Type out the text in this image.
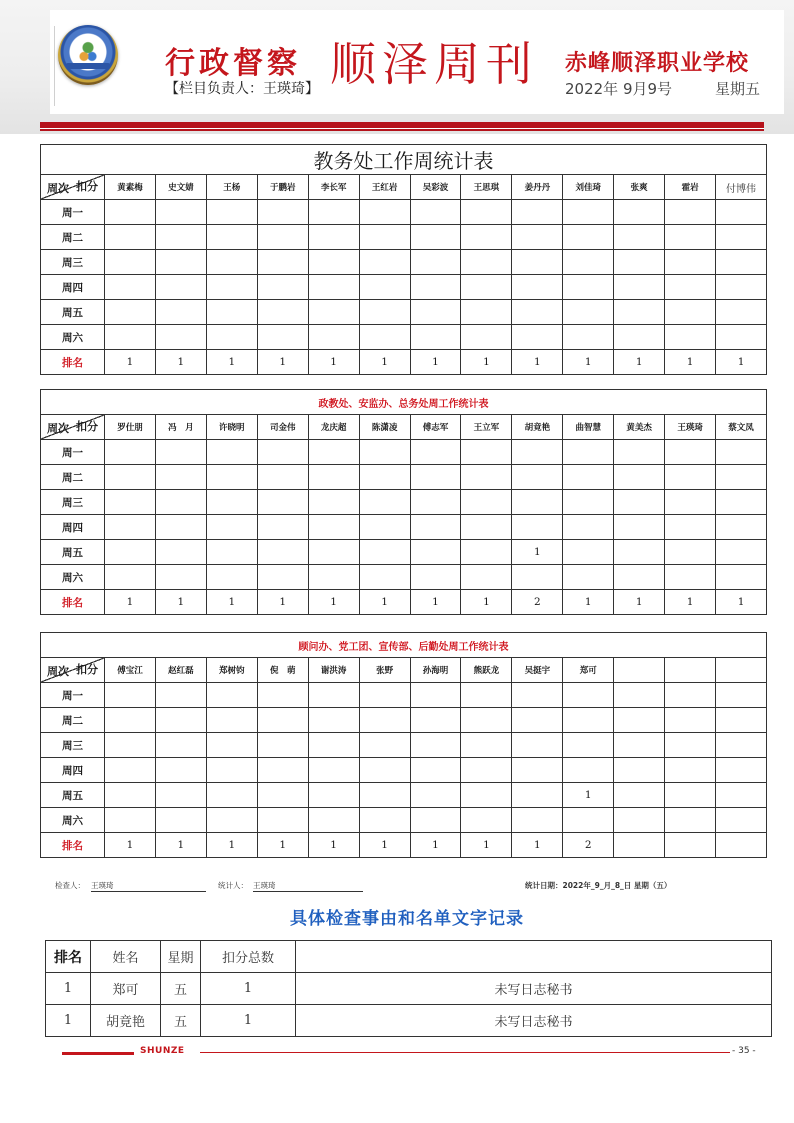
行政督察
【栏目负责人：王瑛琦】 顺泽周刊 赤峰顺泽职业学校
2022年 9月9号	星期五
教务处工作周统计表													

扣分
周次	黄素梅	史文婧	王杨	于鹏岩	李长军	王红岩	吴彩波	王思琪	姜丹丹	刘佳琦	张爽	霍岩	付博伟
周一													
周二													
周三													
周四													
周五													
周六													
排名	1	1	1	1	1	1	1	1	1	1	1	1	1
政教处、安监办、总务处周工作统计表													

扣分
周次	罗仕朋	冯　月	许晓明	司金伟	龙庆超	陈潇凌	傅志军	王立军	胡竟艳	曲智慧	黄美杰	王瑛琦	蔡文凤
周一													
周二													
周三													
周四													
周五									1				
周六													
排名	1	1	1	1	1	1	1	1	2	1	1	1	1
顾问办、党工团、宣传部、后勤处周工作统计表													

扣分
周次	傅宝江	赵红磊	郑树钧	倪　萌	谢洪涛	张野	孙海明	熊跃龙	吴挺宇	郑可			
周一													
周二													
周三													
周四													
周五										1			
周六													
排名	1	1	1	1	1	1	1	1	1	2			
检查人： 王瑛琦	统计人： 王瑛琦	统计日期：2022年_9_月_8_日 星期（五）
具体检查事由和名单文字记录
排名	姓名	星期	扣分总数	
1	郑可	五	1	未写日志秘书
1	胡竟艳	五	1	未写日志秘书
SHUNZE	- 35 -
